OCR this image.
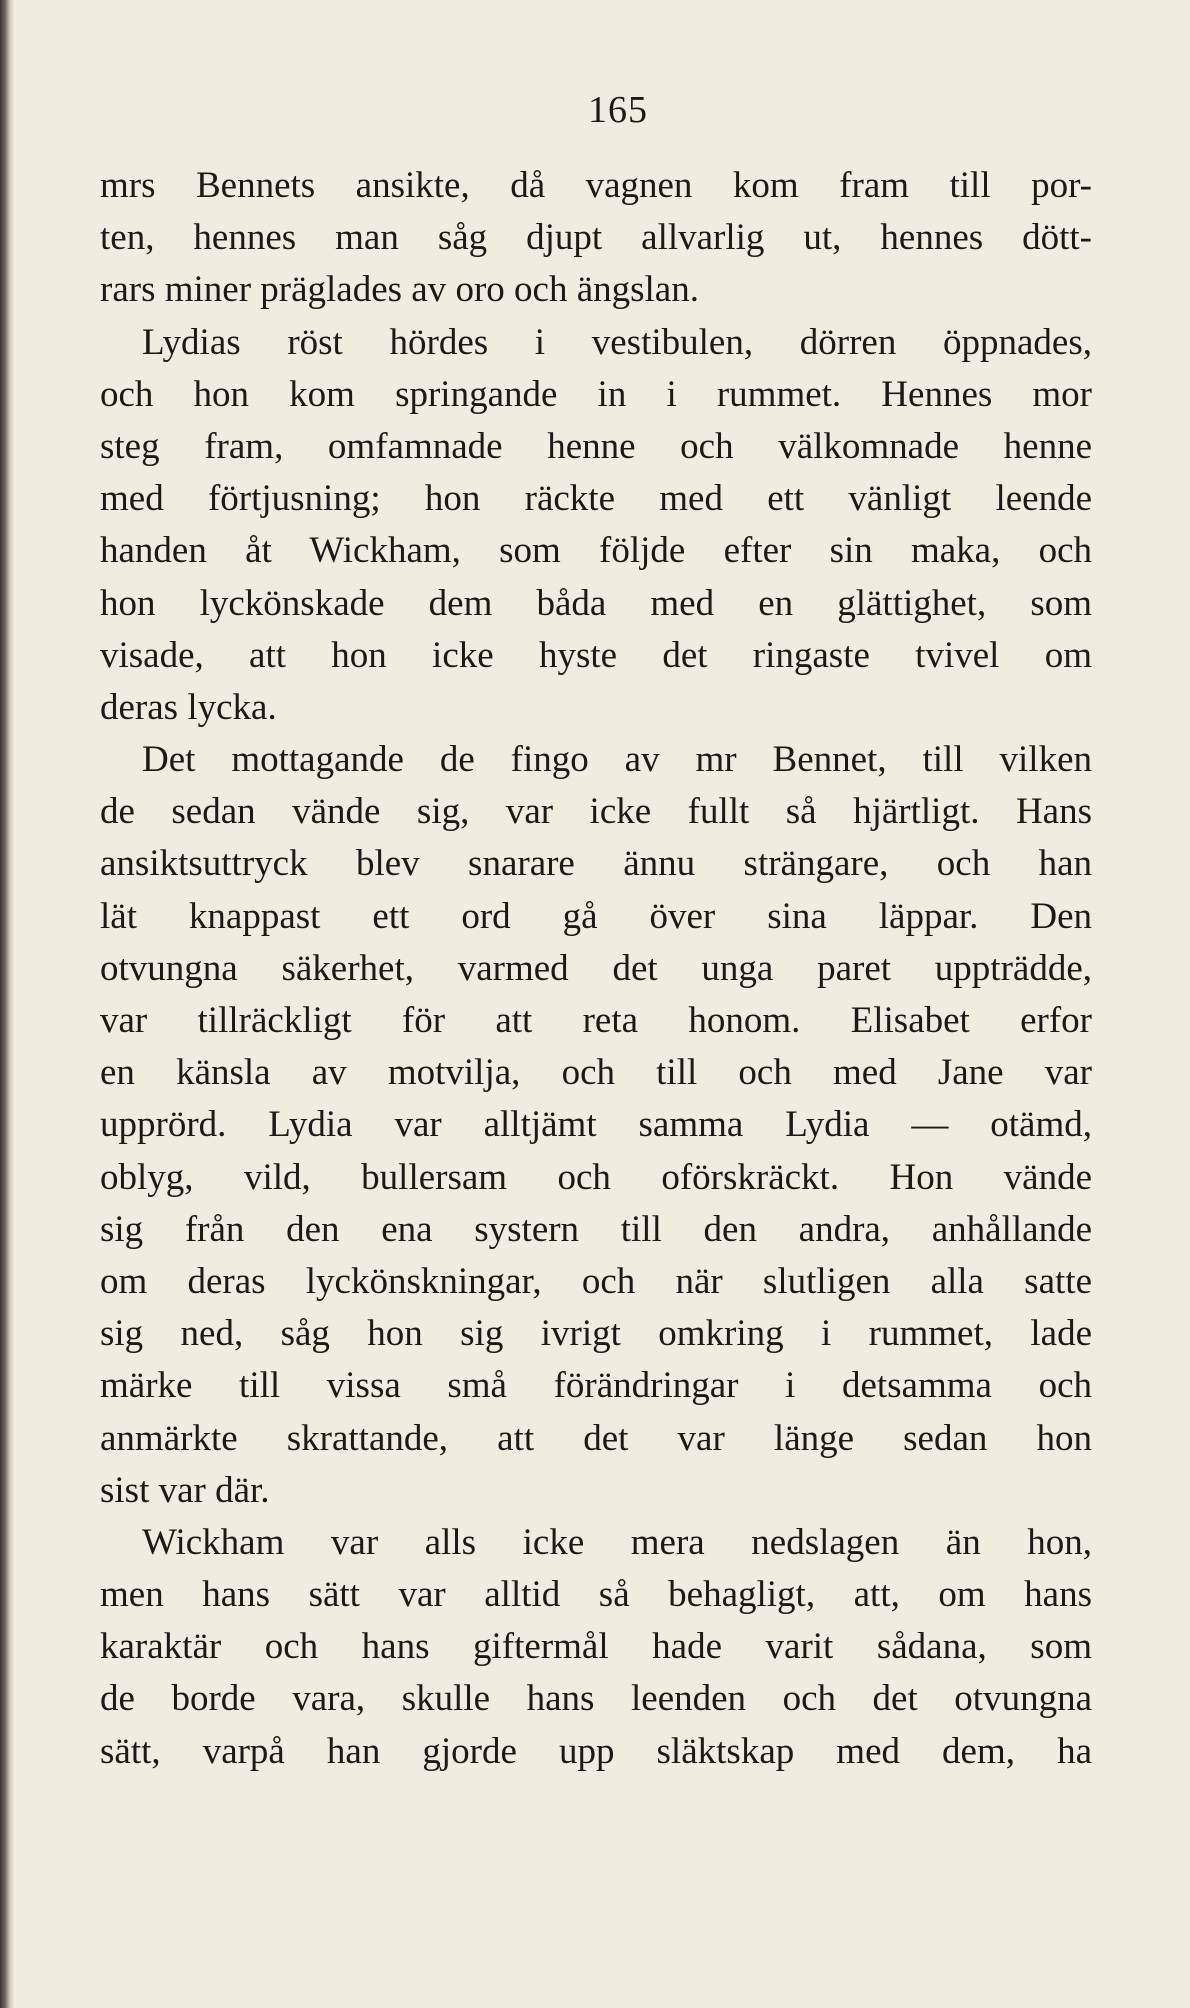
165
mrs Bennets ansikte, då vagnen kom fram till por-
ten, hennes man såg djupt allvarlig ut, hennes dött-
rars miner präglades av oro och ängslan.
Lydias röst hördes i vestibulen, dörren öppnades,
och hon kom springande in i rummet. Hennes mor
steg fram, omfamnade henne och välkomnade henne
med förtjusning; hon räckte med ett vänligt leende
handen åt Wickham, som följde efter sin maka, och
hon lyckönskade dem båda med en glättighet, som
visade, att hon icke hyste det ringaste tvivel om
deras lycka.
Det mottagande de fingo av mr Bennet, till vilken
de sedan vände sig, var icke fullt så hjärtligt. Hans
ansiktsuttryck blev snarare ännu strängare, och han
lät knappast ett ord gå över sina läppar. Den
otvungna säkerhet, varmed det unga paret uppträdde,
var tillräckligt för att reta honom. Elisabet erfor
en känsla av motvilja, och till och med Jane var
upprörd. Lydia var alltjämt samma Lydia — otämd,
oblyg, vild, bullersam och oförskräckt. Hon vände
sig från den ena systern till den andra, anhållande
om deras lyckönskningar, och när slutligen alla satte
sig ned, såg hon sig ivrigt omkring i rummet, lade
märke till vissa små förändringar i detsamma och
anmärkte skrattande, att det var länge sedan hon
sist var där.
Wickham var alls icke mera nedslagen än hon,
men hans sätt var alltid så behagligt, att, om hans
karaktär och hans giftermål hade varit sådana, som
de borde vara, skulle hans leenden och det otvungna
sätt, varpå han gjorde upp släktskap med dem, ha
